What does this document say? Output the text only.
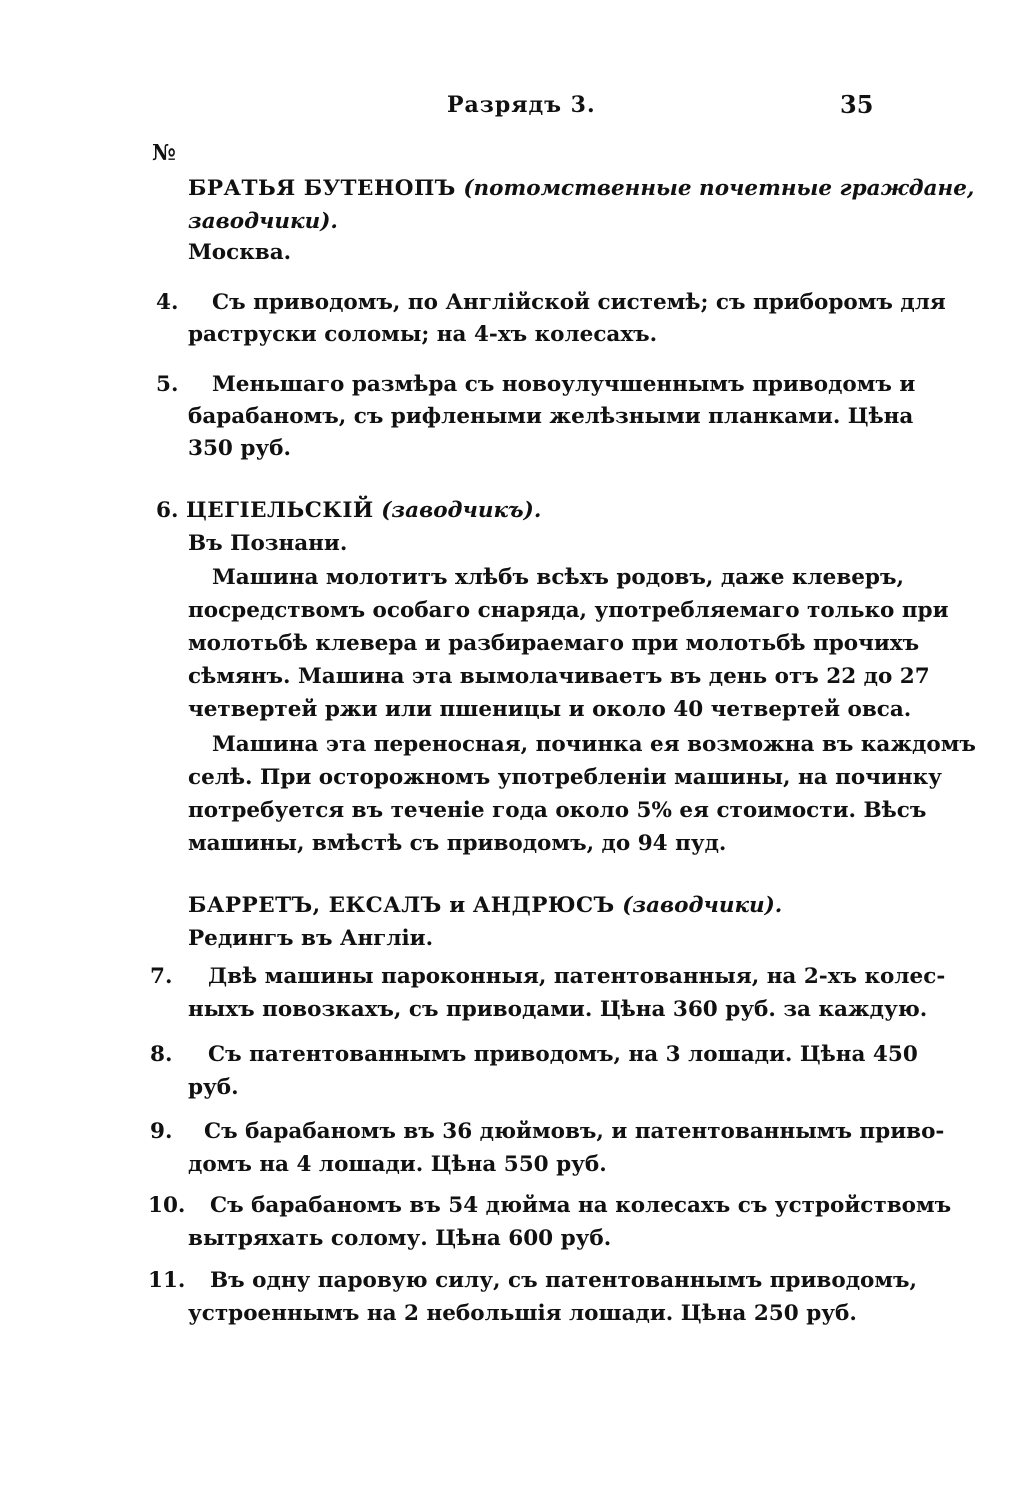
Разрядъ 3.	35
№
БРАТЬЯ БУТЕНОПЪ (потомственные почетные граждане,
заводчики).
Москва.
4. Съ приводомъ, по Англійской системѣ; съ приборомъ для
раструски соломы; на 4-хъ колесахъ.
5. Меньшаго размѣра съ новоулучшеннымъ приводомъ и
барабаномъ, съ рифлеными желѣзными планками. Цѣна
350 руб.
6. ЦЕГІЕЛЬСКІЙ (заводчикъ).
Въ Познани.
Машина молотитъ хлѣбъ всѣхъ родовъ, даже клеверъ,
посредствомъ особаго снаряда, употребляемаго только при
молотьбѣ клевера и разбираемаго при молотьбѣ прочихъ
сѣмянъ. Машина эта вымолачиваетъ въ день отъ 22 до 27
четвертей ржи или пшеницы и около 40 четвертей овса.
Машина эта переносная, починка ея возможна въ каждомъ
селѣ. При осторожномъ употребленіи машины, на починку
потребуется въ теченіе года около 5% ея стоимости. Вѣсъ
машины, вмѣстѣ съ приводомъ, до 94 пуд.
БАРРЕТЪ, ЕКСАЛЪ и АНДРЮСЪ (заводчики).
Редингъ въ Англіи.
7. Двѣ машины пароконныя, патентованныя, на 2-хъ колес-
ныхъ повозкахъ, съ приводами. Цѣна 360 руб. за каждую.
8. Съ патентованнымъ приводомъ, на 3 лошади. Цѣна 450
руб.
9. Съ барабаномъ въ 36 дюймовъ, и патентованнымъ приво-
домъ на 4 лошади. Цѣна 550 руб.
10. Съ барабаномъ въ 54 дюйма на колесахъ съ устройствомъ
вытряхать солому. Цѣна 600 руб.
11. Въ одну паровую силу, съ патентованнымъ приводомъ,
устроеннымъ на 2 небольшія лошади. Цѣна 250 руб.
